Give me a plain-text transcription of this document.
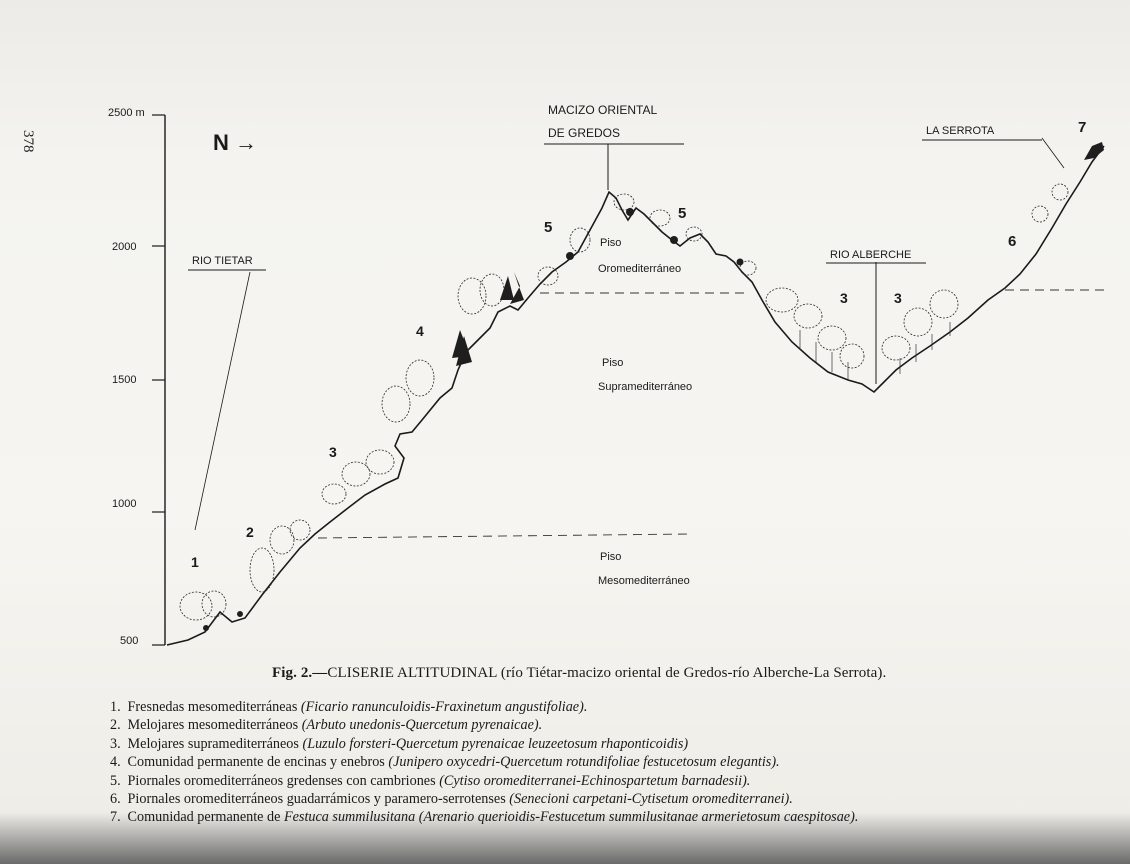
378
2500 m
2000
1500
1000
500
N →
RIO TIETAR
MACIZO ORIENTAL
DE GREDOS
RIO ALBERCHE
LA SERROTA
Piso
Oromediterráneo
Piso
Supramediterráneo
Piso
Mesomediterráneo
1
2
3
4
5
5
3	3
6
7
Fig. 2.—CLISERIE ALTITUDINAL (río Tiétar-macizo oriental de Gredos-río Alberche-La Serrota).
1. Fresnedas mesomediterráneas (Ficario ranunculoidis-Fraxinetum angustifoliae).
2. Melojares mesomediterráneos (Arbuto unedonis-Quercetum pyrenaicae).
3. Melojares supramediterráneos (Luzulo forsteri-Quercetum pyrenaicae leuzeetosum rhaponticoidis)
4. Comunidad permanente de encinas y enebros (Junipero oxycedri-Quercetum rotundifoliae festucetosum elegantis).
5. Piornales oromediterráneos gredenses con cambriones (Cytiso oromediterranei-Echinospartetum barnadesii).
6. Piornales oromediterráneos guadarrámicos y paramero-serrotenses (Senecioni carpetani-Cytisetum oromediterranei).
7. Comunidad permanente de Festuca summilusitana (Arenario querioidis-Festucetum summilusitanae armerietosum caespitosae).
